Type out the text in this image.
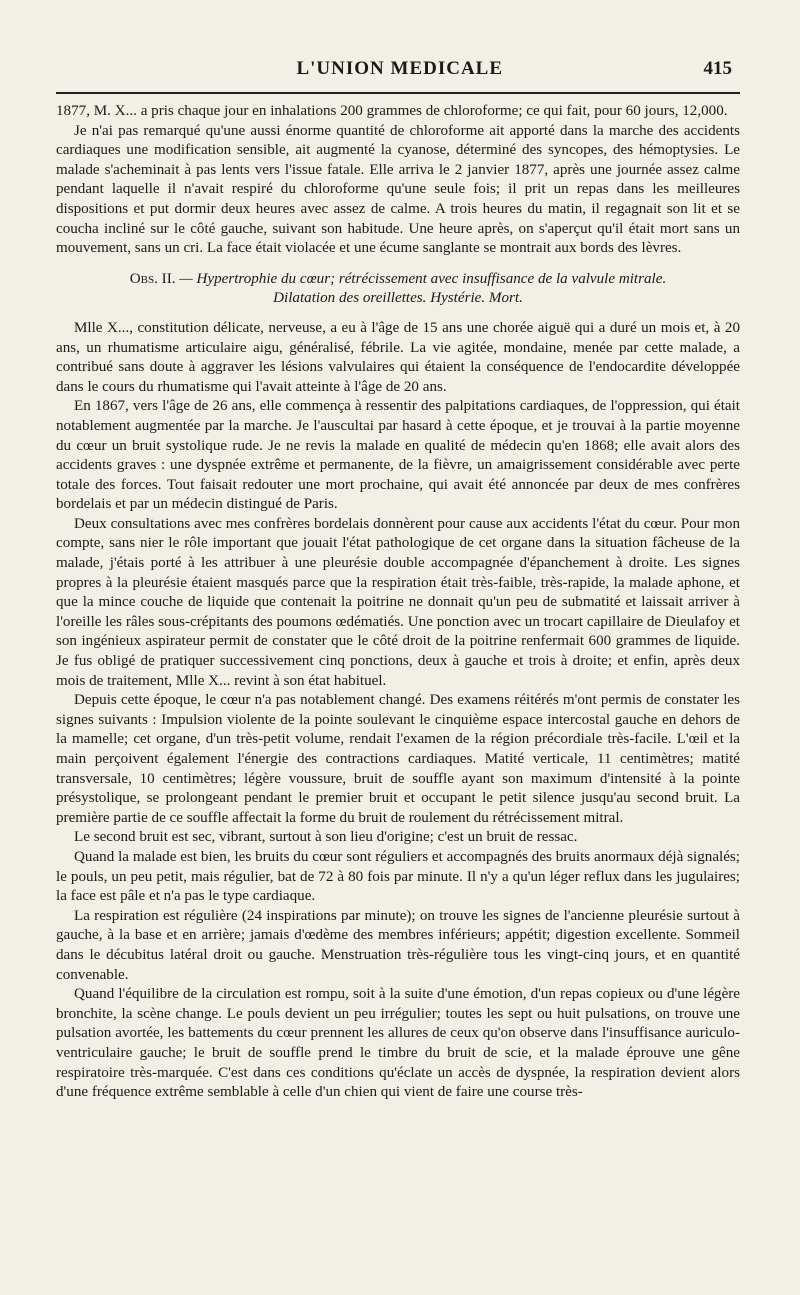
L'UNION MEDICALE	415

1877, M. X... a pris chaque jour en inhalations 200 grammes de chloroforme; ce qui fait, pour 60 jours, 12,000.

Je n'ai pas remarqué qu'une aussi énorme quantité de chloroforme ait apporté dans la marche des accidents cardiaques une modification sensible, ait augmenté la cyanose, déterminé des syncopes, des hémoptysies. Le malade s'acheminait à pas lents vers l'issue fatale. Elle arriva le 2 janvier 1877, après une journée assez calme pendant laquelle il n'avait respiré du chloroforme qu'une seule fois; il prit un repas dans les meilleures dispositions et put dormir deux heures avec assez de calme. A trois heures du matin, il regagnait son lit et se coucha incliné sur le côté gauche, suivant son habitude. Une heure après, on s'aperçut qu'il était mort sans un mouvement, sans un cri. La face était violacée et une écume sanglante se montrait aux bords des lèvres.

Obs. II. — Hypertrophie du cœur; rétrécissement avec insuffisance de la valvule mitrale.
Dilatation des oreillettes. Hystérie. Mort.

Mlle X..., constitution délicate, nerveuse, a eu à l'âge de 15 ans une chorée aiguë qui a duré un mois et, à 20 ans, un rhumatisme articulaire aigu, généralisé, fébrile. La vie agitée, mondaine, menée par cette malade, a contribué sans doute à aggraver les lésions valvulaires qui étaient la conséquence de l'endocardite développée dans le cours du rhumatisme qui l'avait atteinte à l'âge de 20 ans.

En 1867, vers l'âge de 26 ans, elle commença à ressentir des palpitations cardiaques, de l'oppression, qui était notablement augmentée par la marche. Je l'auscultai par hasard à cette époque, et je trouvai à la partie moyenne du cœur un bruit systolique rude. Je ne revis la malade en qualité de médecin qu'en 1868; elle avait alors des accidents graves : une dyspnée extrême et permanente, de la fièvre, un amaigrissement considérable avec perte totale des forces. Tout faisait redouter une mort prochaine, qui avait été annoncée par deux de mes confrères bordelais et par un médecin distingué de Paris.

Deux consultations avec mes confrères bordelais donnèrent pour cause aux accidents l'état du cœur. Pour mon compte, sans nier le rôle important que jouait l'état pathologique de cet organe dans la situation fâcheuse de la malade, j'étais porté à les attribuer à une pleurésie double accompagnée d'épanchement à droite. Les signes propres à la pleurésie étaient masqués parce que la respiration était très-faible, très-rapide, la malade aphone, et que la mince couche de liquide que contenait la poitrine ne donnait qu'un peu de submatité et laissait arriver à l'oreille les râles sous-crépitants des poumons œdématiés. Une ponction avec un trocart capillaire de Dieulafoy et son ingénieux aspirateur permit de constater que le côté droit de la poitrine renfermait 600 grammes de liquide. Je fus obligé de pratiquer successivement cinq ponctions, deux à gauche et trois à droite; et enfin, après deux mois de traitement, Mlle X... revint à son état habituel.

Depuis cette époque, le cœur n'a pas notablement changé. Des examens réitérés m'ont permis de constater les signes suivants : Impulsion violente de la pointe soulevant le cinquième espace intercostal gauche en dehors de la mamelle; cet organe, d'un très-petit volume, rendait l'examen de la région précordiale très-facile. L'œil et la main perçoivent également l'énergie des contractions cardiaques. Matité verticale, 11 centimètres; matité transversale, 10 centimètres; légère voussure, bruit de souffle ayant son maximum d'intensité à la pointe présystolique, se prolongeant pendant le premier bruit et occupant le petit silence jusqu'au second bruit. La première partie de ce souffle affectait la forme du bruit de roulement du rétrécissement mitral.

Le second bruit est sec, vibrant, surtout à son lieu d'origine; c'est un bruit de ressac.

Quand la malade est bien, les bruits du cœur sont réguliers et accompagnés des bruits anormaux déjà signalés; le pouls, un peu petit, mais régulier, bat de 72 à 80 fois par minute. Il n'y a qu'un léger reflux dans les jugulaires; la face est pâle et n'a pas le type cardiaque.

La respiration est régulière (24 inspirations par minute); on trouve les signes de l'ancienne pleurésie surtout à gauche, à la base et en arrière; jamais d'œdème des membres inférieurs; appétit; digestion excellente. Sommeil dans le décubitus latéral droit ou gauche. Menstruation très-régulière tous les vingt-cinq jours, et en quantité convenable.

Quand l'équilibre de la circulation est rompu, soit à la suite d'une émotion, d'un repas copieux ou d'une légère bronchite, la scène change. Le pouls devient un peu irrégulier; toutes les sept ou huit pulsations, on trouve une pulsation avortée, les battements du cœur prennent les allures de ceux qu'on observe dans l'insuffisance auriculo-ventriculaire gauche; le bruit de souffle prend le timbre du bruit de scie, et la malade éprouve une gêne respiratoire très-marquée. C'est dans ces conditions qu'éclate un accès de dyspnée, la respiration devient alors d'une fréquence extrême semblable à celle d'un chien qui vient de faire une course très-
